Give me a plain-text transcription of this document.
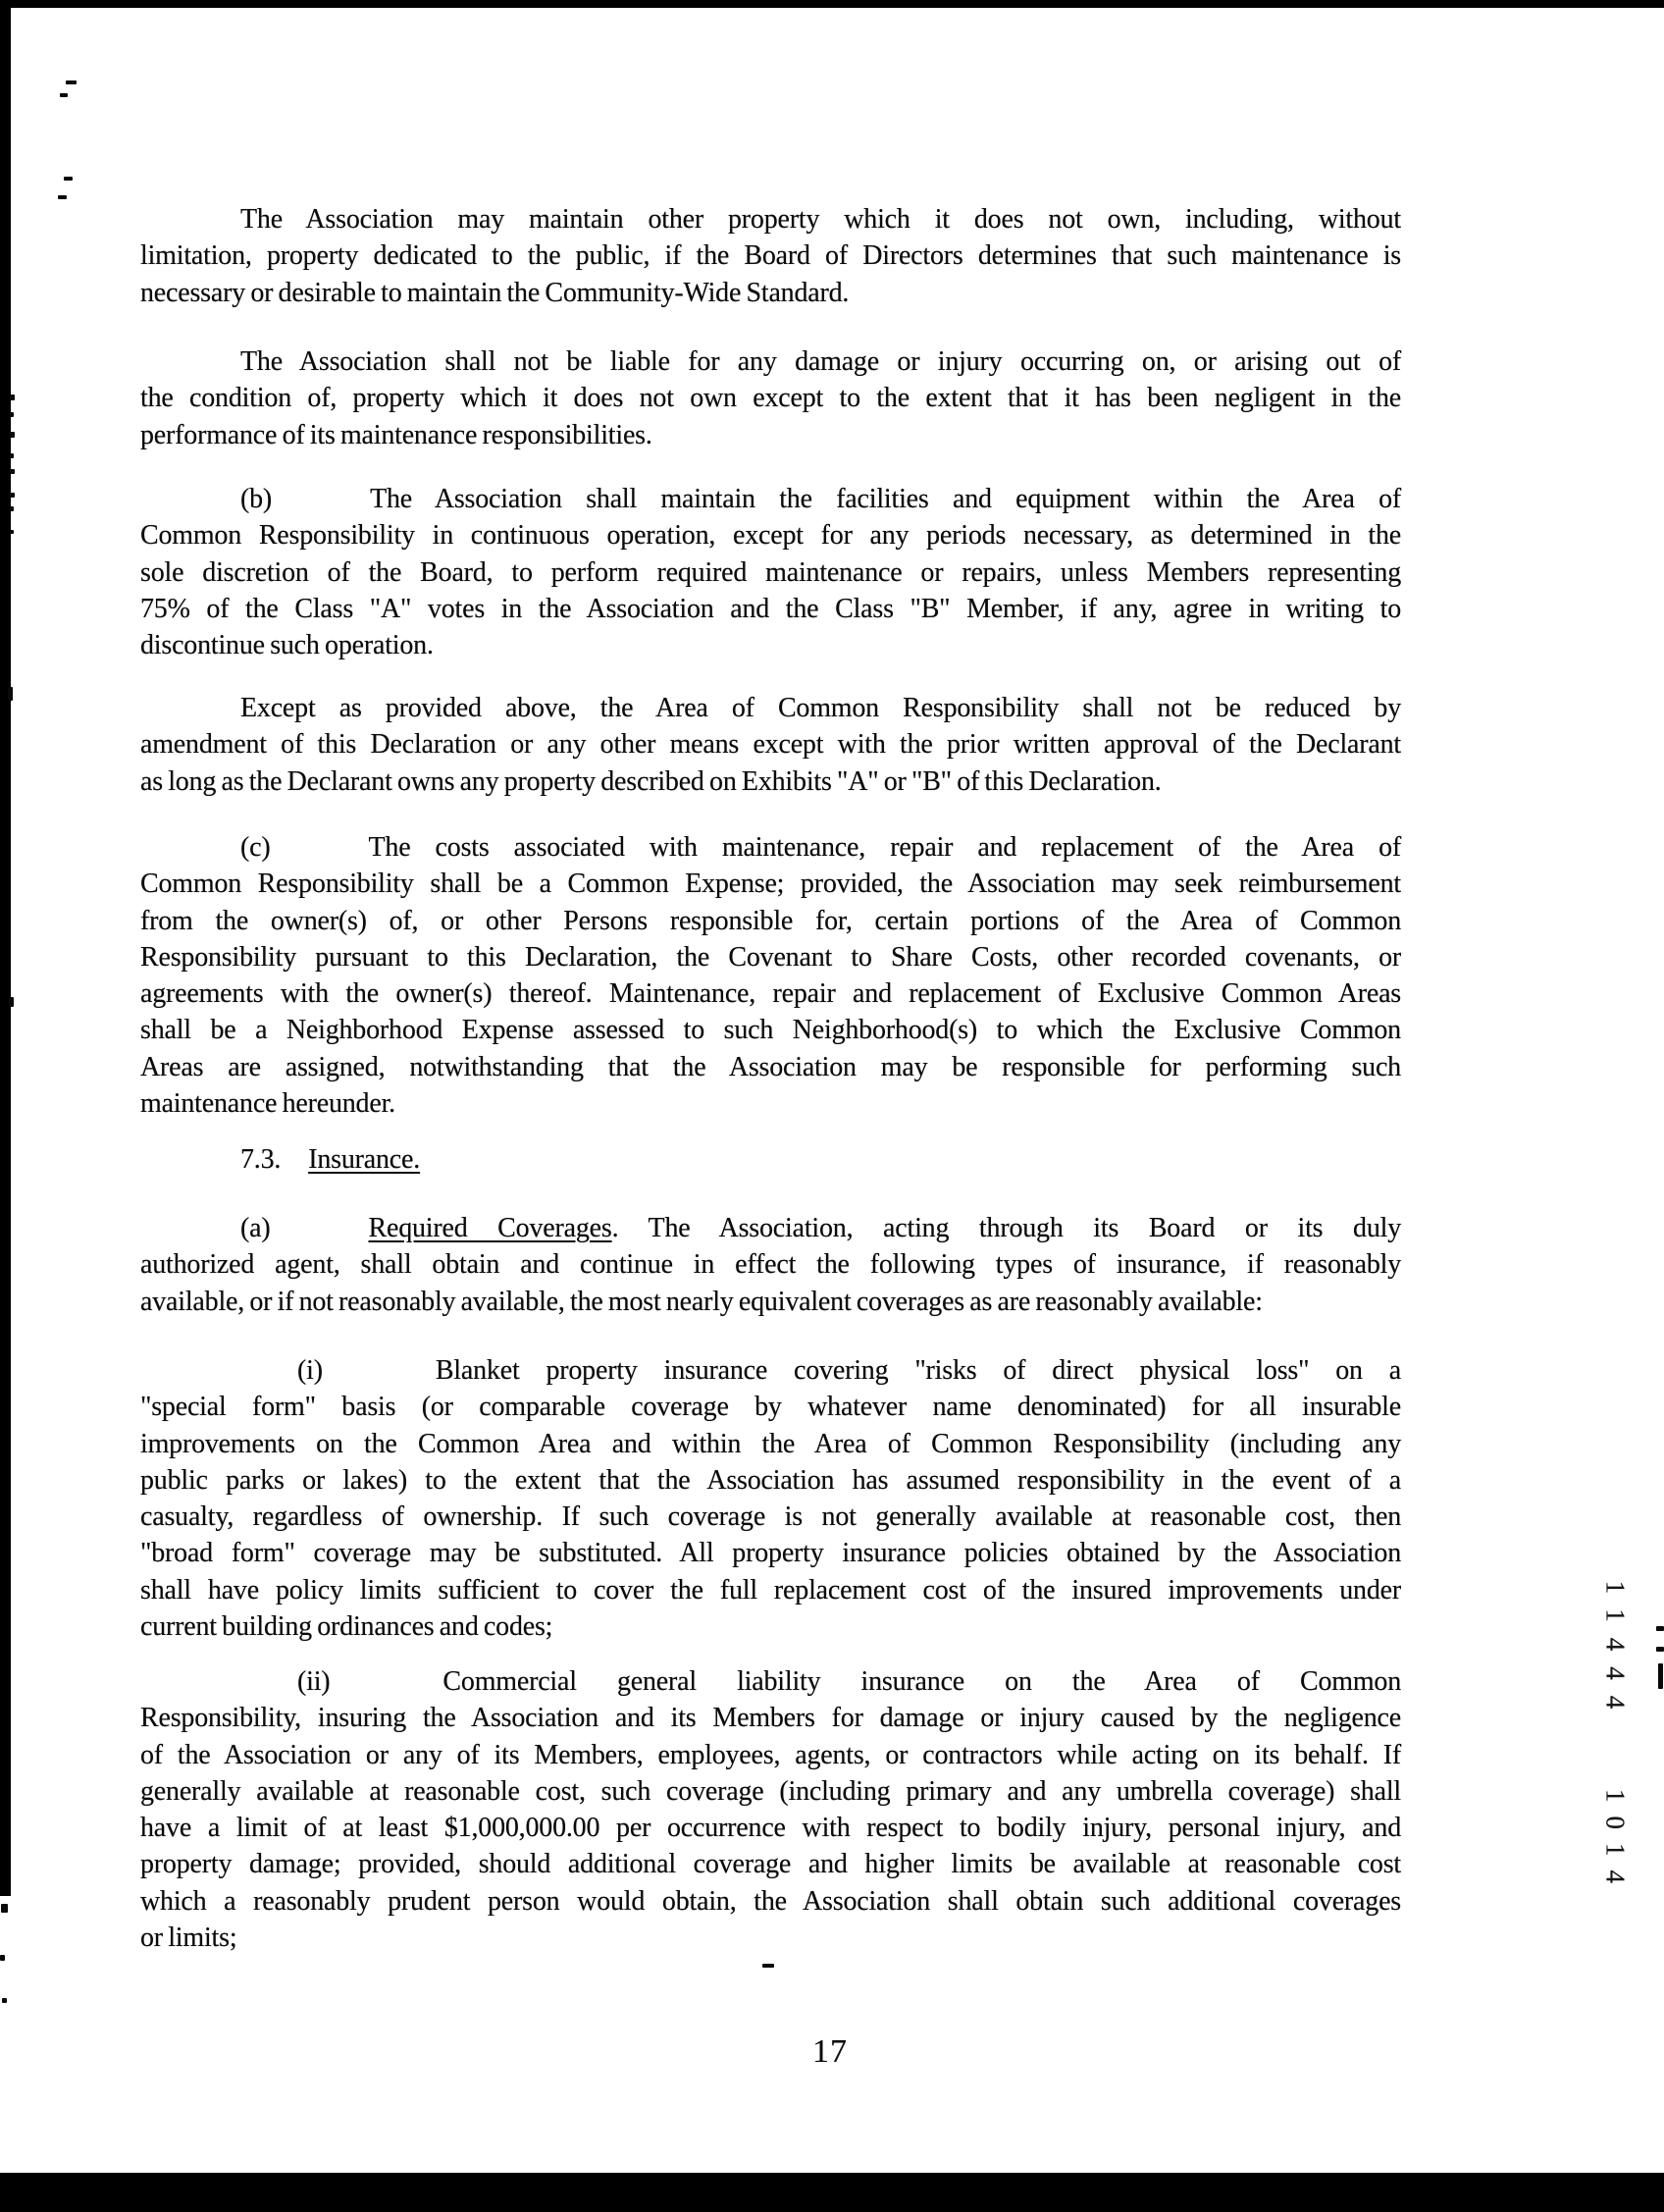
The Association may maintain other property which it does not own, including, without
limitation, property dedicated to the public, if the Board of Directors determines that such maintenance is
necessary or desirable to maintain the Community-Wide Standard.
The Association shall not be liable for any damage or injury occurring on, or arising out of
the condition of, property which it does not own except to the extent that it has been negligent in the
performance of its maintenance responsibilities.
(b)	The Association shall maintain the facilities and equipment within the Area of
Common Responsibility in continuous operation, except for any periods necessary, as determined in the
sole discretion of the Board, to perform required maintenance or repairs, unless Members representing
75% of the Class "A" votes in the Association and the Class "B" Member, if any, agree in writing to
discontinue such operation.
Except as provided above, the Area of Common Responsibility shall not be reduced by
amendment of this Declaration or any other means except with the prior written approval of the Declarant
as long as the Declarant owns any property described on Exhibits "A" or "B" of this Declaration.
(c)	The costs associated with maintenance, repair and replacement of the Area of
Common Responsibility shall be a Common Expense; provided, the Association may seek reimbursement
from the owner(s) of, or other Persons responsible for, certain portions of the Area of Common
Responsibility pursuant to this Declaration, the Covenant to Share Costs, other recorded covenants, or
agreements with the owner(s) thereof. Maintenance, repair and replacement of Exclusive Common Areas
shall be a Neighborhood Expense assessed to such Neighborhood(s) to which the Exclusive Common
Areas are assigned, notwithstanding that the Association may be responsible for performing such
maintenance hereunder.
7.3. Insurance.
(a)	Required Coverages. The Association, acting through its Board or its duly
authorized agent, shall obtain and continue in effect the following types of insurance, if reasonably
available, or if not reasonably available, the most nearly equivalent coverages as are reasonably available:
(i)	Blanket property insurance covering "risks of direct physical loss" on a
"special form" basis (or comparable coverage by whatever name denominated) for all insurable
improvements on the Common Area and within the Area of Common Responsibility (including any
public parks or lakes) to the extent that the Association has assumed responsibility in the event of a
casualty, regardless of ownership. If such coverage is not generally available at reasonable cost, then
"broad form" coverage may be substituted. All property insurance policies obtained by the Association
shall have policy limits sufficient to cover the full replacement cost of the insured improvements under
current building ordinances and codes;
(ii)	Commercial general liability insurance on the Area of Common
Responsibility, insuring the Association and its Members for damage or injury caused by the negligence
of the Association or any of its Members, employees, agents, or contractors while acting on its behalf. If
generally available at reasonable cost, such coverage (including primary and any umbrella coverage) shall
have a limit of at least $1,000,000.00 per occurrence with respect to bodily injury, personal injury, and
property damage; provided, should additional coverage and higher limits be available at reasonable cost
which a reasonably prudent person would obtain, the Association shall obtain such additional coverages
or limits;
11444
1014
17
